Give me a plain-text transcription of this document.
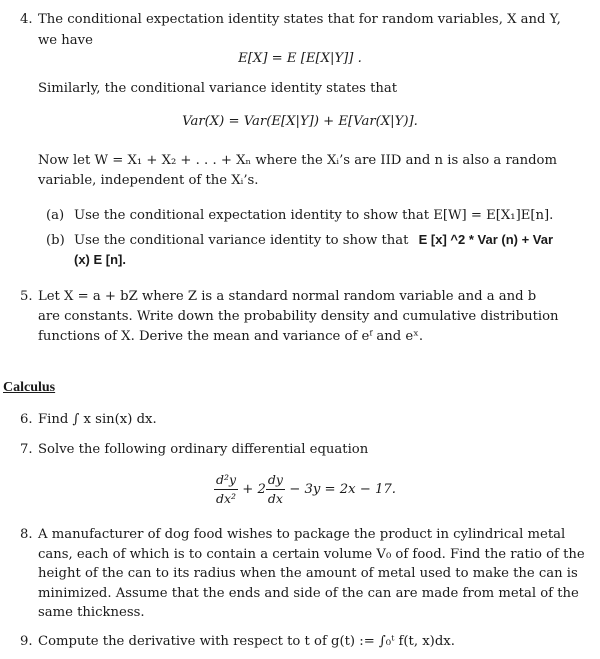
4. The conditional expectation identity states that for random variables, X and Y,
we have
E[X] = E [E[X|Y]] .
Similarly, the conditional variance identity states that
Var(X) = Var(E[X|Y]) + E[Var(X|Y)].
Now let W = X₁ + X₂ + . . . + Xₙ where the Xᵢ’s are IID and n is also a random
variable, independent of the Xᵢ’s.
(a) Use the conditional expectation identity to show that E[W] = E[X₁]E[n].
(b) Use the conditional variance identity to show that E [x] ^2 * Var (n) + Var
(x) E [n].
5. Let X = a + bZ where Z is a standard normal random variable and a and b
are constants. Write down the probability density and cumulative distribution
functions of X. Derive the mean and variance of eᶠ and eˣ.
Calculus
6. Find ∫ x sin(x) dx.
7. Solve the following ordinary differential equation
$\frac{\text{d²y}}{\text{dx²}} + 2 \frac{dy}{dx} - 3y = 2x - 17$.
8. A manufacturer of dog food wishes to package the product in cylindrical metal
cans, each of which is to contain a certain volume V₀ of food. Find the ratio of the
height of the can to its radius when the amount of metal used to make the can is
minimized. Assume that the ends and side of the can are made from metal of the
same thickness.
9. Compute the derivative with respect to t of g(t) := ∫₀ᵗ f(t, x)dx.
